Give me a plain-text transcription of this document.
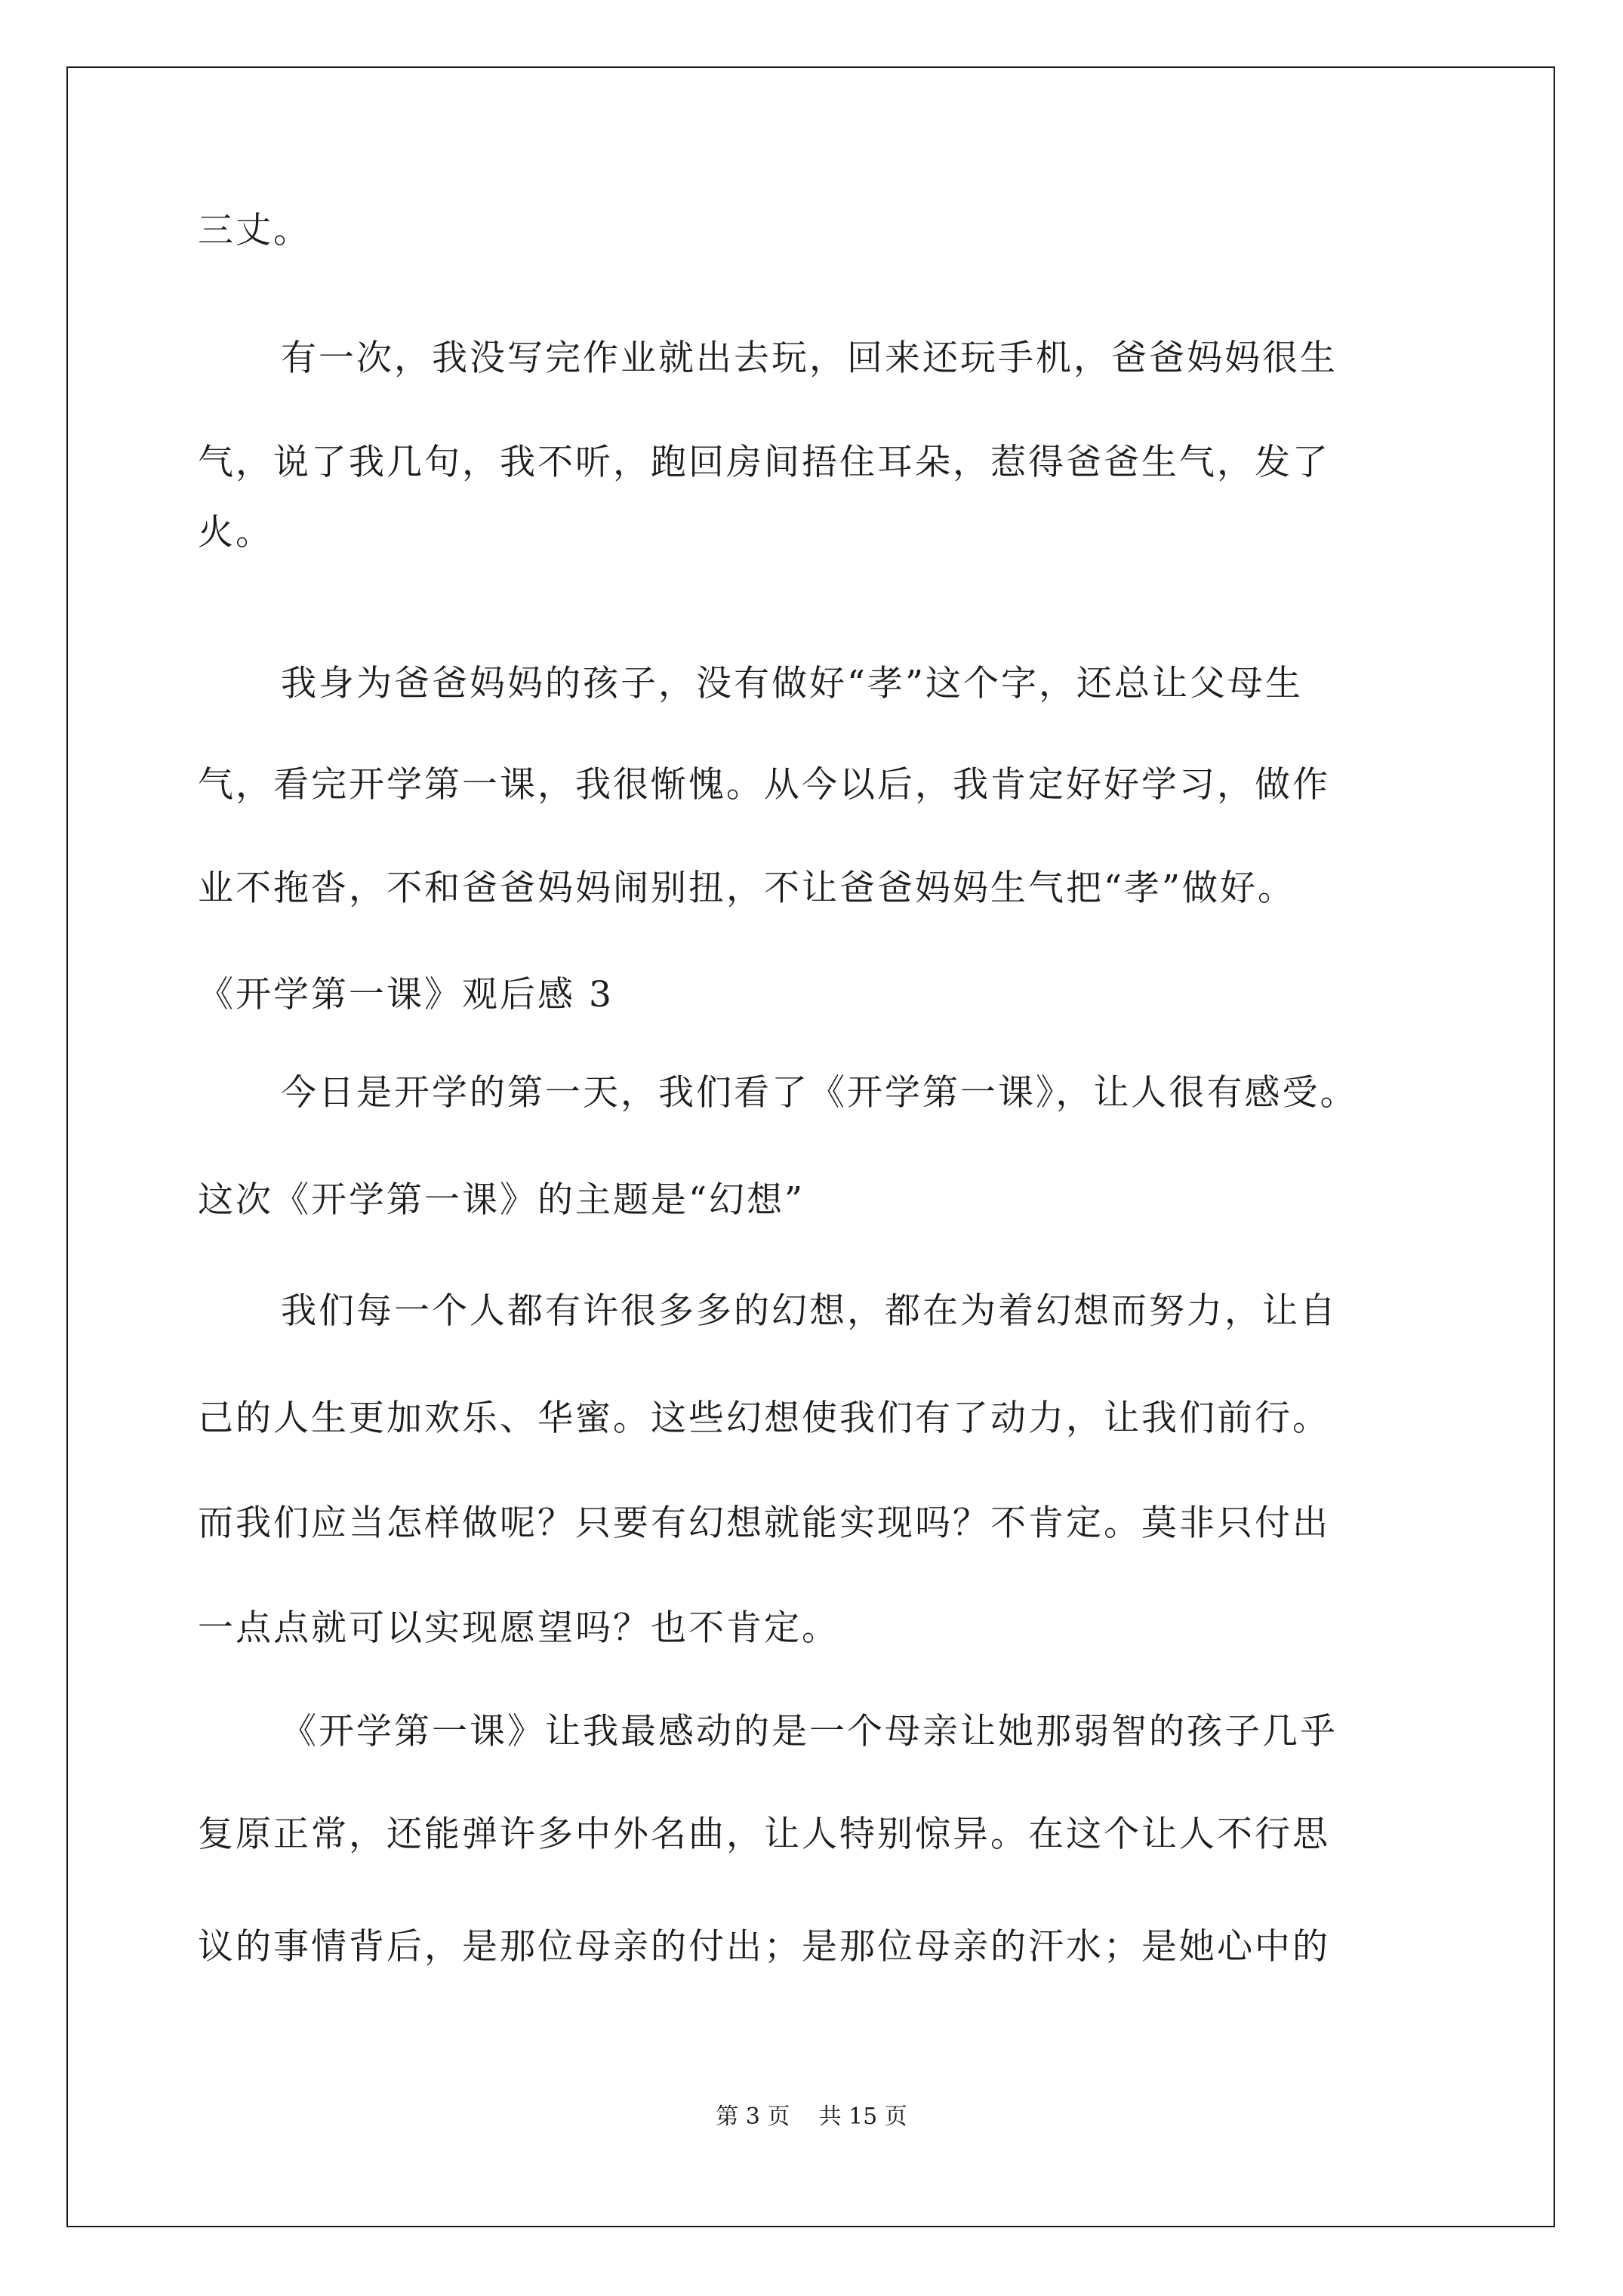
三丈。
有一次，我没写完作业就出去玩，回来还玩手机，爸爸妈妈很生
气，说了我几句，我不听，跑回房间捂住耳朵，惹得爸爸生气，发了
火。
我身为爸爸妈妈的孩子，没有做好“孝”这个字，还总让父母生
气，看完开学第一课，我很惭愧。从今以后，我肯定好好学习，做作
业不拖沓，不和爸爸妈妈闹别扭，不让爸爸妈妈生气把“孝”做好。
《开学第一课》观后感 3
今日是开学的第一天，我们看了《开学第一课》，让人很有感受。
这次《开学第一课》的主题是“幻想”
我们每一个人都有许很多多的幻想，都在为着幻想而努力，让自
己的人生更加欢乐、华蜜。这些幻想使我们有了动力，让我们前行。
而我们应当怎样做呢？只要有幻想就能实现吗？不肯定。莫非只付出
一点点就可以实现愿望吗？也不肯定。
《开学第一课》让我最感动的是一个母亲让她那弱智的孩子几乎
复原正常，还能弹许多中外名曲，让人特别惊异。在这个让人不行思
议的事情背后，是那位母亲的付出；是那位母亲的汗水；是她心中的
第 3 页    共 15 页
